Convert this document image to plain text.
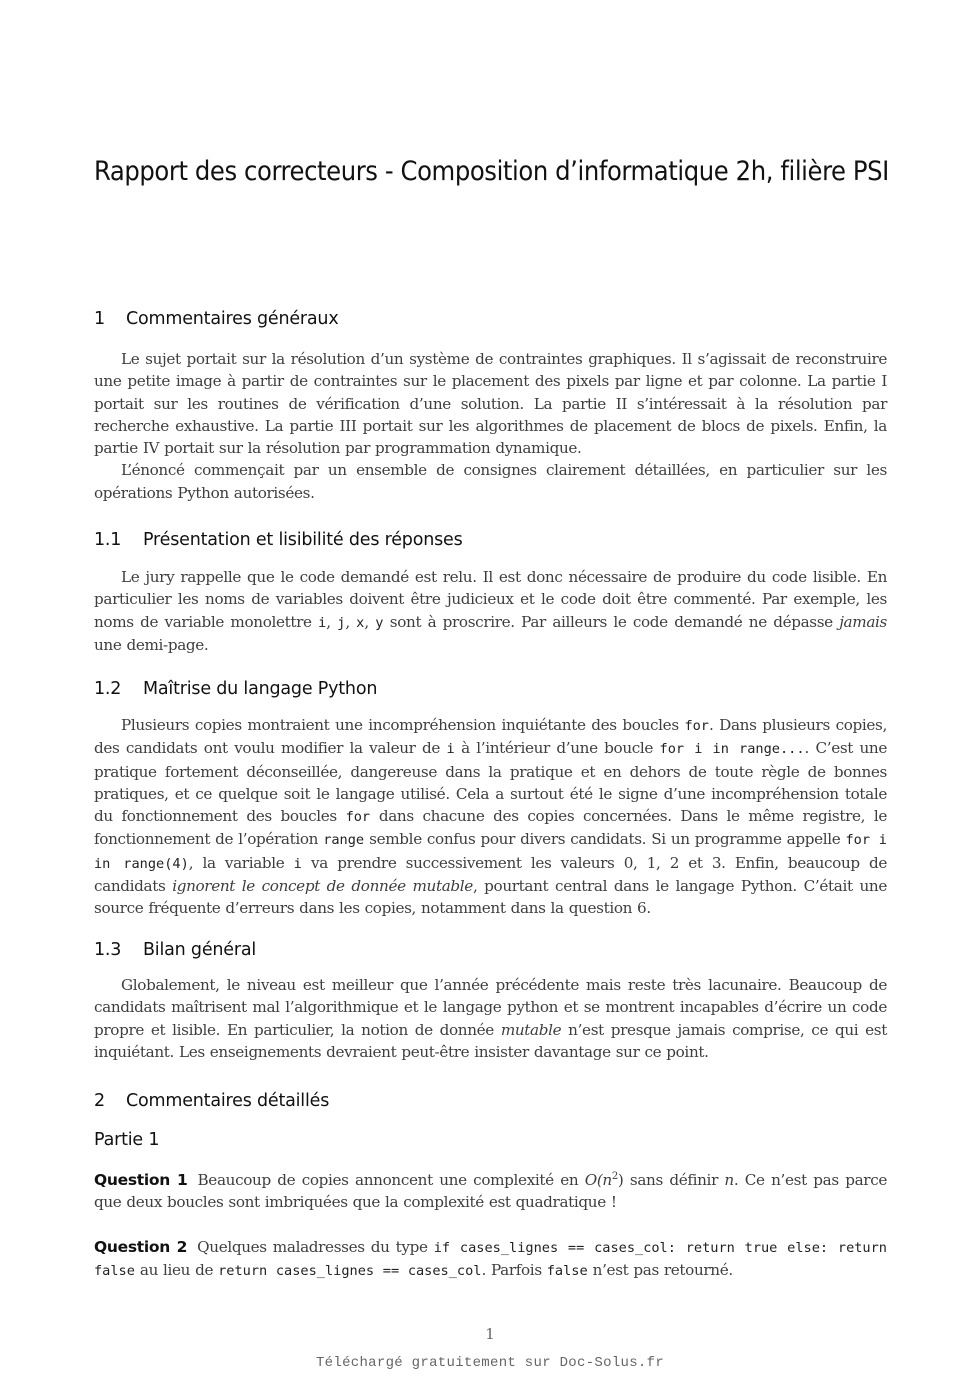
Rapport des correcteurs - Composition d’informatique 2h, filière PSI
1 Commentaires généraux
Le sujet portait sur la résolution d’un système de contraintes graphiques. Il s’agissait de reconstruire une petite image à partir de contraintes sur le placement des pixels par ligne et par colonne. La partie I portait sur les routines de vérification d’une solution. La partie II s’intéressait à la résolution par recherche exhaustive. La partie III portait sur les algorithmes de placement de blocs de pixels. Enfin, la partie IV portait sur la résolution par programmation dynamique.
L’énoncé commençait par un ensemble de consignes clairement détaillées, en particulier sur les opérations Python autorisées.
1.1 Présentation et lisibilité des réponses
Le jury rappelle que le code demandé est relu. Il est donc nécessaire de produire du code lisible. En particulier les noms de variables doivent être judicieux et le code doit être commenté. Par exemple, les noms de variable monolettre i, j, x, y sont à proscrire. Par ailleurs le code demandé ne dépasse jamais une demi-page.
1.2 Maîtrise du langage Python
Plusieurs copies montraient une incompréhension inquiétante des boucles for. Dans plusieurs copies, des candidats ont voulu modifier la valeur de i à l’intérieur d’une boucle for i in range.... C’est une pratique fortement déconseillée, dangereuse dans la pratique et en dehors de toute règle de bonnes pratiques, et ce quelque soit le langage utilisé. Cela a surtout été le signe d’une incompréhension totale du fonctionnement des boucles for dans chacune des copies concernées. Dans le même registre, le fonctionnement de l’opération range semble confus pour divers candidats. Si un programme appelle for i in range(4), la variable i va prendre successivement les valeurs 0, 1, 2 et 3. Enfin, beaucoup de candidats ignorent le concept de donnée mutable, pourtant central dans le langage Python. C’était une source fréquente d’erreurs dans les copies, notamment dans la question 6.
1.3 Bilan général
Globalement, le niveau est meilleur que l’année précédente mais reste très lacunaire. Beaucoup de candidats maîtrisent mal l’algorithmique et le langage python et se montrent incapables d’écrire un code propre et lisible. En particulier, la notion de donnée mutable n’est presque jamais comprise, ce qui est inquiétant. Les enseignements devraient peut-être insister davantage sur ce point.
2 Commentaires détaillés
Partie 1
Question 1 Beaucoup de copies annoncent une complexité en $O(n^2)$ sans définir n. Ce n’est pas parce que deux boucles sont imbriquées que la complexité est quadratique !
Question 2 Quelques maladresses du type if cases_lignes == cases_col: return true else: return false au lieu de return cases_lignes == cases_col. Parfois false n’est pas retourné.
1
Téléchargé gratuitement sur Doc-Solus.fr
